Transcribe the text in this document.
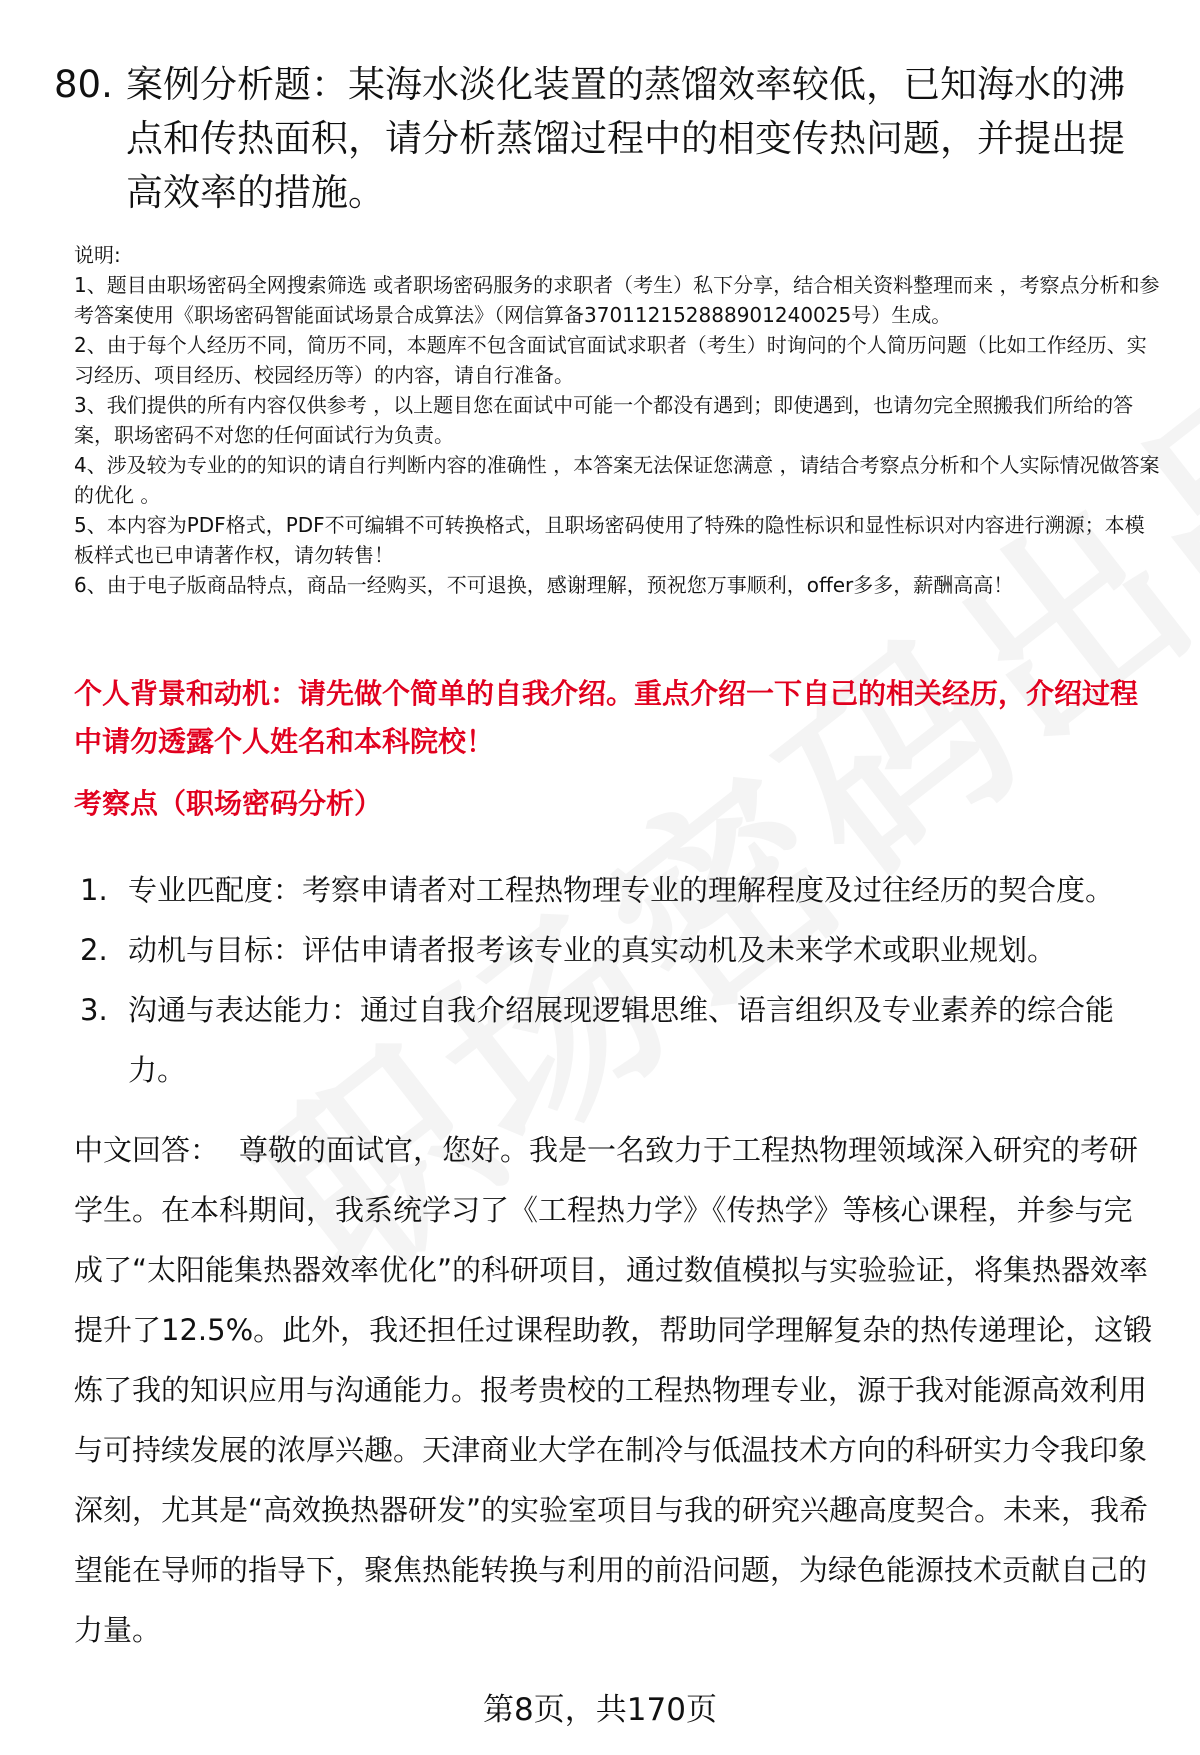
80. 案例分析题：某海水淡化装置的蒸馏效率较低，已知海水的沸点和传热面积，请分析蒸馏过程中的相变传热问题，并提出提高效率的措施。

说明:

1、题目由职场密码全网搜索筛选 或者职场密码服务的求职者（考生）私下分享，结合相关资料整理而来 ，考察点分析和参考答案使用《职场密码智能面试场景合成算法》（网信算备370112152888901240025号）生成。

2、由于每个人经历不同，简历不同，本题库不包含面试官面试求职者（考生）时询问的个人简历问题（比如工作经历、实习经历、项目经历、校园经历等）的内容，请自行准备。

3、我们提供的所有内容仅供参考 ，以上题目您在面试中可能一个都没有遇到；即使遇到，也请勿完全照搬我们所给的答案，职场密码不对您的任何面试行为负责。

4、涉及较为专业的的知识的请自行判断内容的准确性 ，本答案无法保证您满意 ，请结合考察点分析和个人实际情况做答案的优化 。

5、本内容为PDF格式，PDF不可编辑不可转换格式，且职场密码使用了特殊的隐性标识和显性标识对内容进行溯源；本模板样式也已申请著作权，请勿转售！

6、由于电子版商品特点，商品一经购买，不可退换，感谢理解，预祝您万事顺利，offer多多，薪酬高高！

个人背景和动机：请先做个简单的自我介绍。重点介绍一下自己的相关经历，介绍过程中请勿透露个人姓名和本科院校！
考察点（职场密码分析）
1. 专业匹配度：考察申请者对工程热物理专业的理解程度及过往经历的契合度。
2. 动机与目标：评估申请者报考该专业的真实动机及未来学术或职业规划。
3. 沟通与表达能力：通过自我介绍展现逻辑思维、语言组织及专业素养的综合能力。
中文回答： 尊敬的面试官，您好。我是一名致力于工程热物理领域深入研究的考研学生。在本科期间，我系统学习了《工程热力学》《传热学》等核心课程，并参与完成了“太阳能集热器效率优化”的科研项目，通过数值模拟与实验验证，将集热器效率提升了12.5%。此外，我还担任过课程助教，帮助同学理解复杂的热传递理论，这锻炼了我的知识应用与沟通能力。报考贵校的工程热物理专业，源于我对能源高效利用与可持续发展的浓厚兴趣。天津商业大学在制冷与低温技术方向的科研实力令我印象深刻，尤其是“高效换热器研发”的实验室项目与我的研究兴趣高度契合。未来，我希望能在导师的指导下，聚焦热能转换与利用的前沿问题，为绿色能源技术贡献自己的力量。
第8页，共170页
